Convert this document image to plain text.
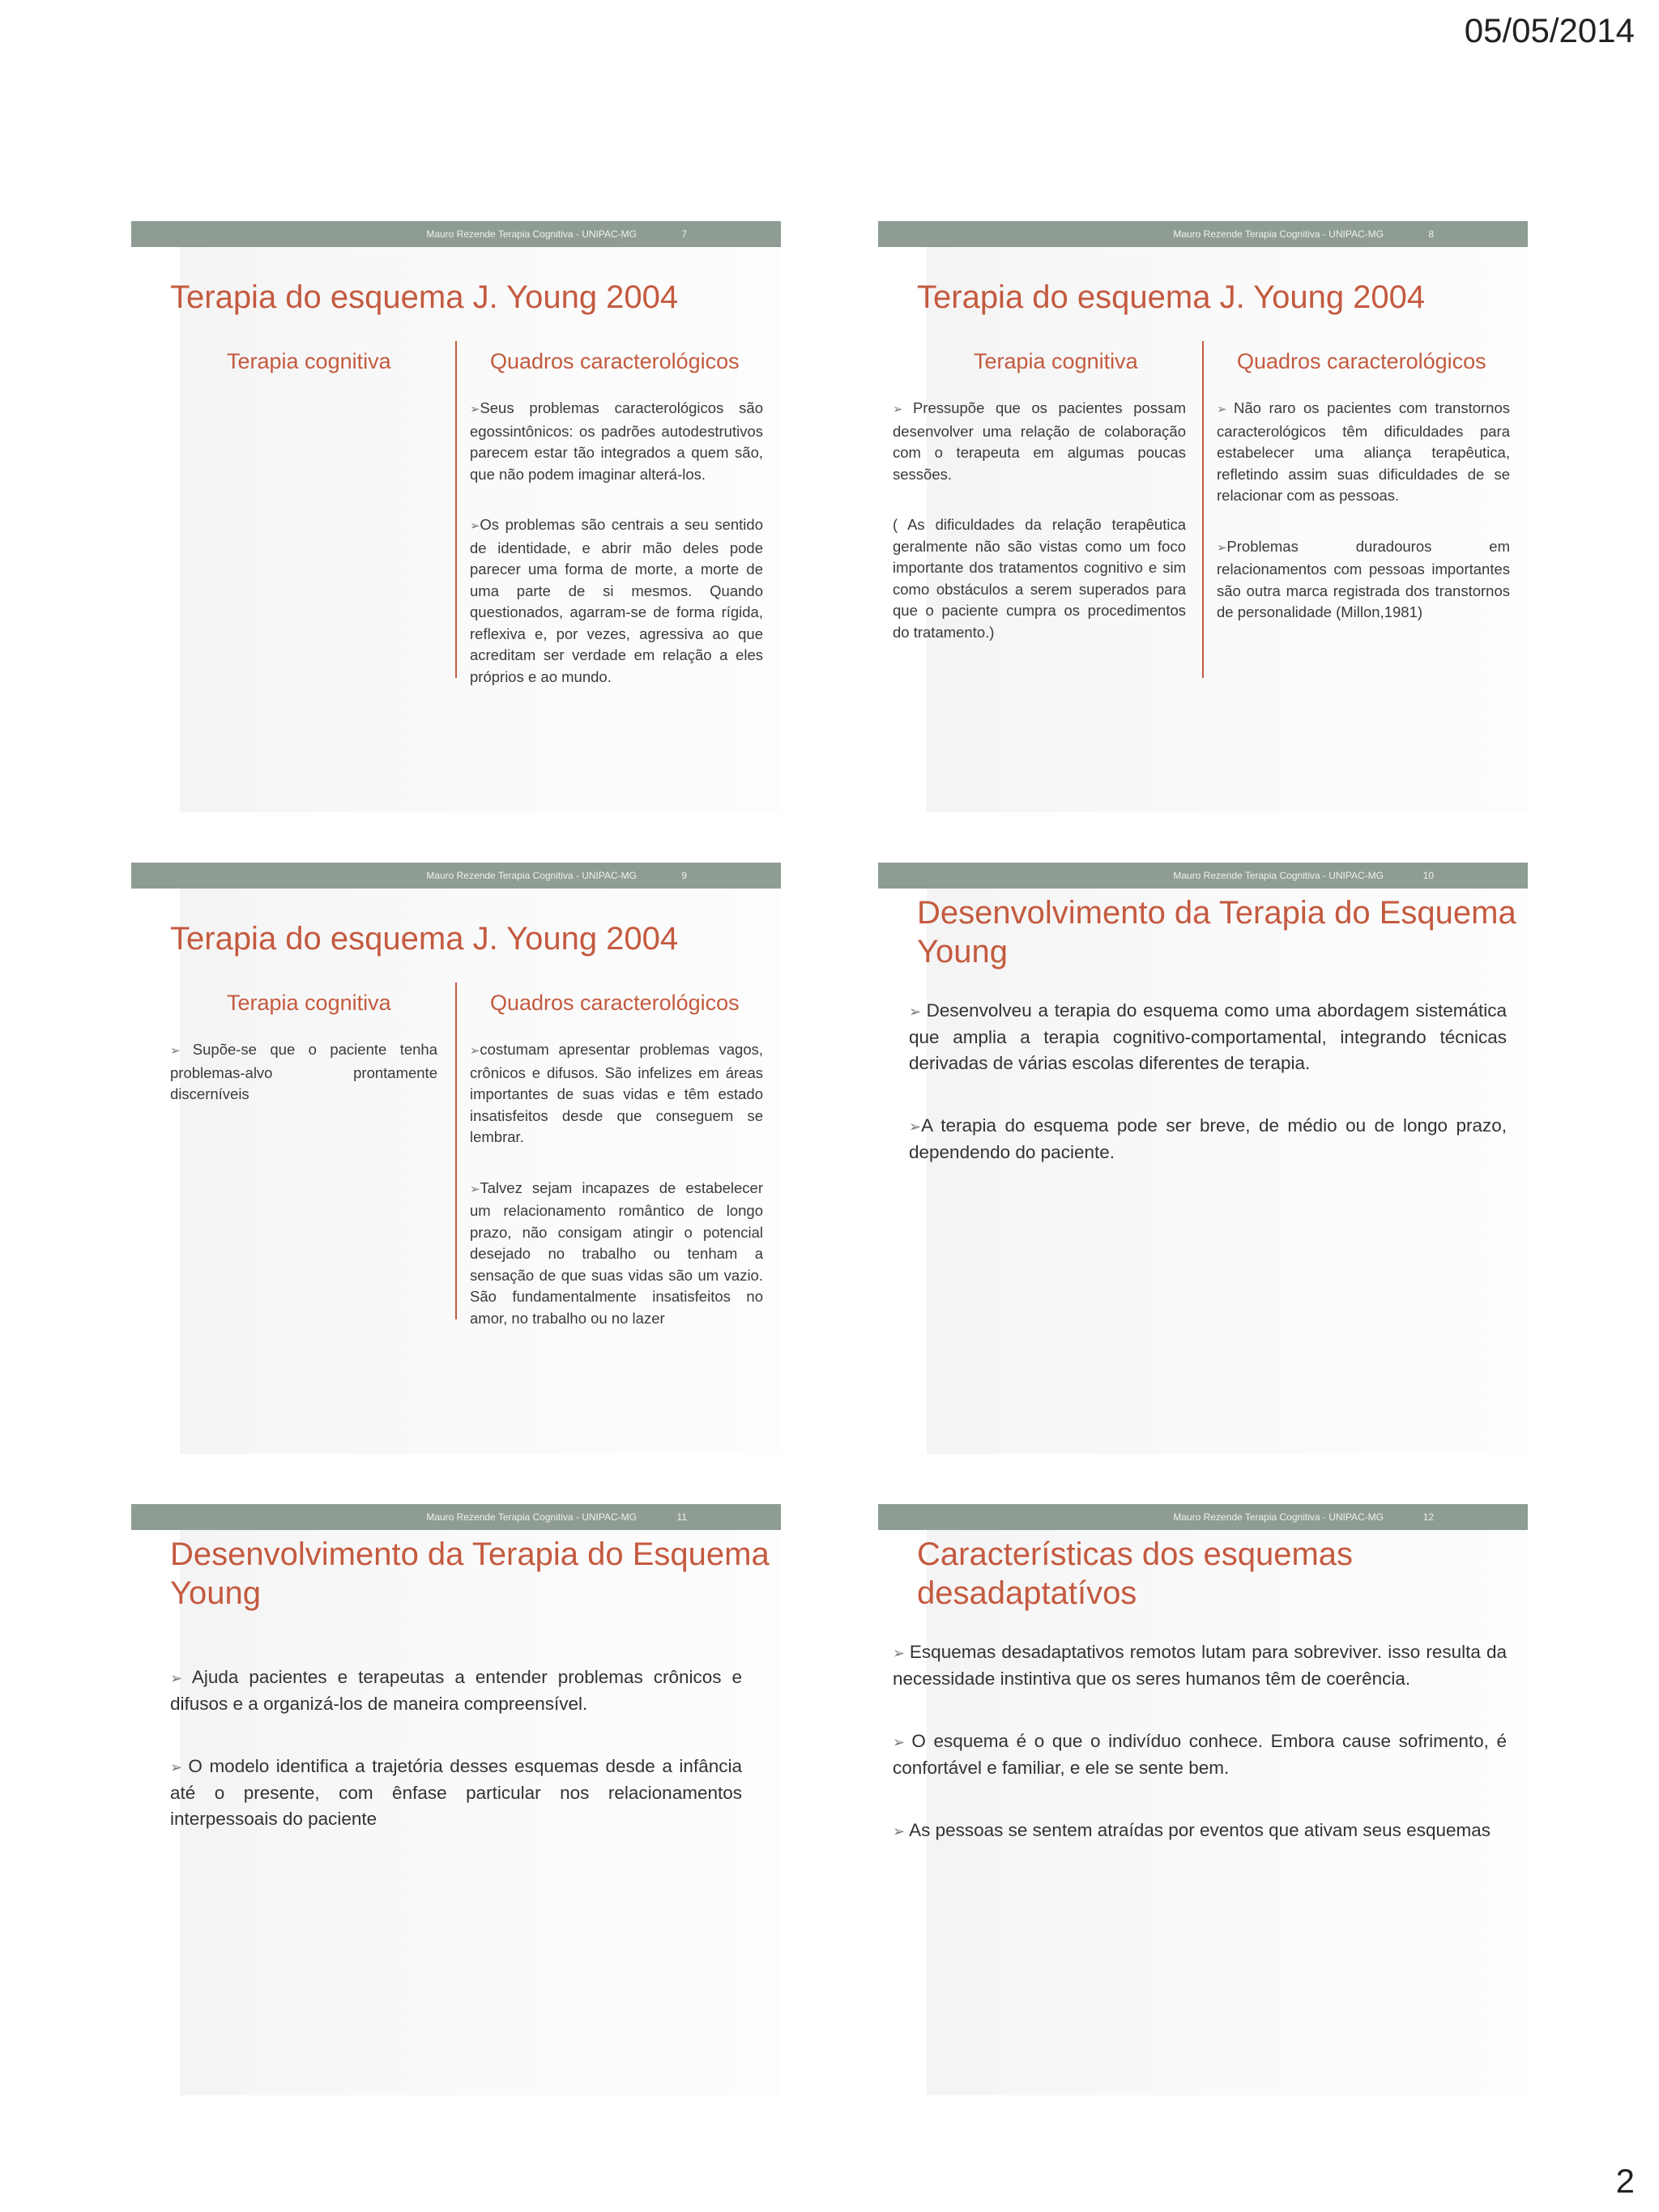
05/05/2014
Mauro Rezende Terapia Cognitiva - UNIPAC-MG	7
Terapia do esquema J. Young 2004
Terapia cognitiva	Quadros caracterológicos

➢Seus problemas caracterológicos são egossintônicos: os padrões autodestrutivos parecem estar tão integrados a quem são, que não podem imaginar alterá-los.

➢Os problemas são centrais a seu sentido de identidade, e abrir mão deles pode parecer uma forma de morte, a morte de uma parte de si mesmos. Quando questionados, agarram-se de forma rígida, reflexiva e, por vezes, agressiva ao que acreditam ser verdade em relação a eles próprios e ao mundo.

Mauro Rezende Terapia Cognitiva - UNIPAC-MG	8
Terapia do esquema J. Young 2004
Terapia cognitiva	Quadros caracterológicos

➢ Pressupõe que os pacientes possam desenvolver uma relação de colaboração com o terapeuta em algumas poucas sessões.

( As dificuldades da relação terapêutica geralmente não são vistas como um foco importante dos tratamentos cognitivo e sim como obstáculos a serem superados para que o paciente cumpra os procedimentos do tratamento.)

➢ Não raro os pacientes com transtornos caracterológicos têm dificuldades para estabelecer uma aliança terapêutica, refletindo assim suas dificuldades de se relacionar com as pessoas.

➢Problemas duradouros em relacionamentos com pessoas importantes são outra marca registrada dos transtornos de personalidade (Millon,1981)

Mauro Rezende Terapia Cognitiva - UNIPAC-MG	9
Terapia do esquema J. Young 2004
Terapia cognitiva	Quadros caracterológicos

➢ Supõe-se que o paciente tenha problemas-alvo prontamente discerníveis

➢costumam apresentar problemas vagos, crônicos e difusos. São infelizes em áreas importantes de suas vidas e têm estado insatisfeitos desde que conseguem se lembrar.

➢Talvez sejam incapazes de estabelecer um relacionamento romântico de longo prazo, não consigam atingir o potencial desejado no trabalho ou tenham a sensação de que suas vidas são um vazio. São fundamentalmente insatisfeitos no amor, no trabalho ou no lazer

Mauro Rezende Terapia Cognitiva - UNIPAC-MG	10
Desenvolvimento da Terapia do Esquema Young

➢ Desenvolveu a terapia do esquema como uma abordagem sistemática que amplia a terapia cognitivo-comportamental, integrando técnicas derivadas de várias escolas diferentes de terapia.

➢A terapia do esquema pode ser breve, de médio ou de longo prazo, dependendo do paciente.

Mauro Rezende Terapia Cognitiva - UNIPAC-MG	11
Desenvolvimento da Terapia do Esquema Young

➢ Ajuda pacientes e terapeutas a entender problemas crônicos e difusos e a organizá-los de maneira compreensível.

➢ O modelo identifica a trajetória desses esquemas desde a infância até o presente, com ênfase particular nos relacionamentos interpessoais do paciente

Mauro Rezende Terapia Cognitiva - UNIPAC-MG	12
Características dos esquemas desadaptatívos

➢ Esquemas desadaptativos remotos lutam para sobreviver. isso resulta da necessidade instintiva que os seres humanos têm de coerência.

➢ O esquema é o que o indivíduo conhece. Embora cause sofrimento, é confortável e familiar, e ele se sente bem.

➢ As pessoas se sentem atraídas por eventos que ativam seus esquemas

2
